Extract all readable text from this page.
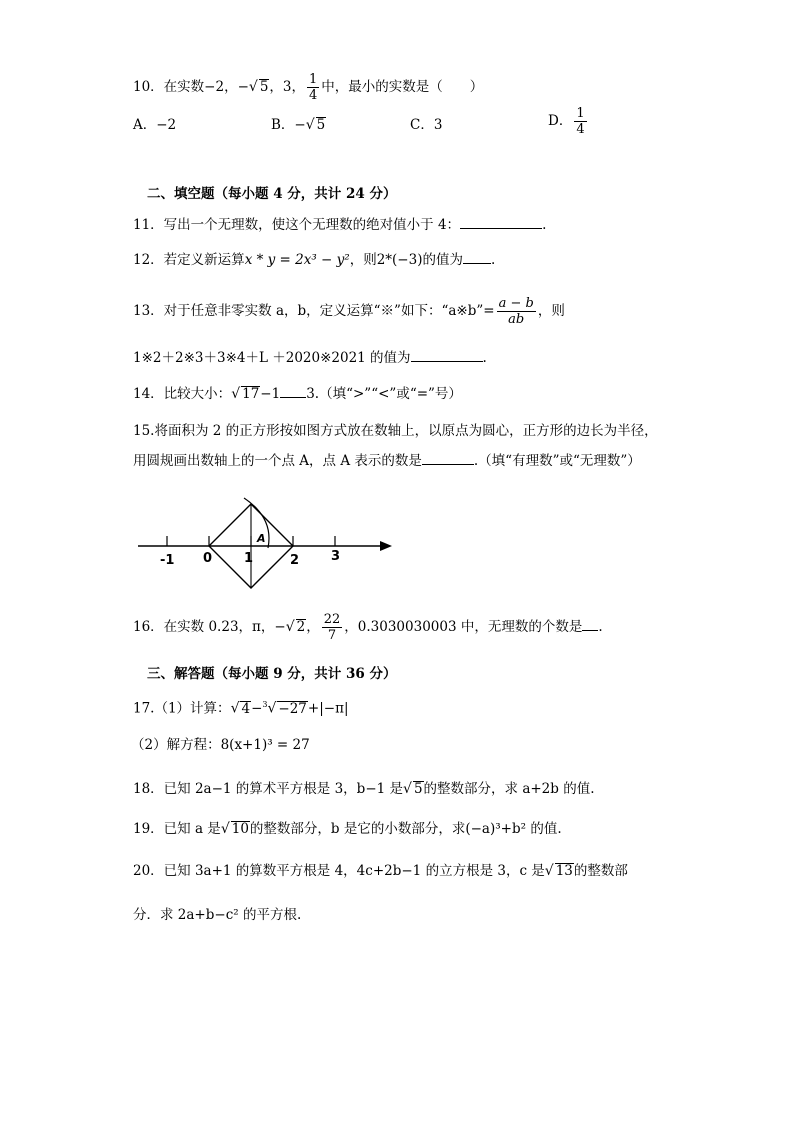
10．在实数−2，−√ 5，3， $\frac{1}{4}$ 中，最小的实数是（　　）
A．−2	B．−√ 5	C．3	D． $\frac{1}{4}$
二、填空题（每小题 4 分，共计 24 分）
11．写出一个无理数，使这个无理数的绝对值小于 4：	.
12．若定义新运算x * y = 2x³ − y²，则2*(−3)的值为 .
13．对于任意非零实数 a，b，定义运算“※”如下：“a※b”= $\frac{a - b}{ab}$ ，则
1※2＋2※3＋3※4＋L ＋2020※2021 的值为	.
14．比较大小：√ 17−1 3.（填“>”“<”或“=”号）
15.将面积为 2 的正方形按如图方式放在数轴上，以原点为圆心，正方形的边长为半径，
用圆规画出数轴上的一个点 A，点 A 表示的数是	.（填“有理数”或“无理数”）
-1 0 1	2 3
A
16．在实数 0.23，π，−√ 2， $\frac{22}{7}$ ，0.3030030003 中，无理数的个数是 .
三、解答题（每小题 9 分，共计 36 分）
17.（1）计算：√ 4−$^3$√ −27+|−π|
（2）解方程：8(x+1)³ = 27
18．已知 2a−1 的算术平方根是 3，b−1 是√ 5的整数部分，求 a+2b 的值.
19．已知 a 是√ 10的整数部分，b 是它的小数部分，求(−a)³+b² 的值.
20．已知 3a+1 的算数平方根是 4，4c+2b−1 的立方根是 3，c 是√ 13的整数部
分．求 2a+b−c² 的平方根.
